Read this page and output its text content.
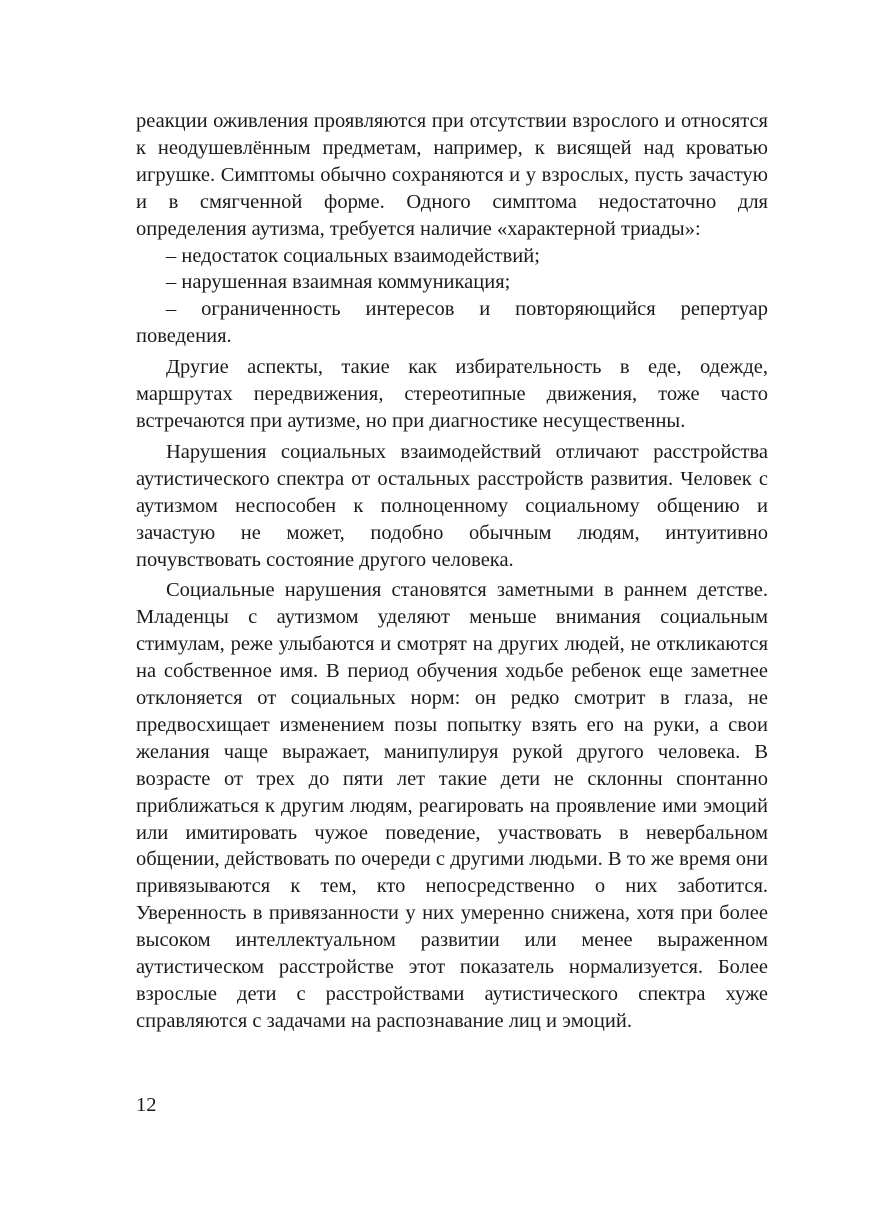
реакции оживления проявляются при отсутствии взрослого и относятся к неодушевлённым предметам, например, к висящей над кроватью игрушке. Симптомы обычно сохраняются и у взрослых, пусть зачастую и в смягченной форме. Одного симптома недостаточно для определения аутизма, требуется наличие «характерной триады»:

– недостаток социальных взаимодействий;

– нарушенная взаимная коммуникация;

– ограниченность интересов и повторяющийся репертуар поведения.

Другие аспекты, такие как избирательность в еде, одежде, маршрутах передвижения, стереотипные движения, тоже часто встречаются при аутизме, но при диагностике несущественны.

Нарушения социальных взаимодействий отличают расстройства аутистического спектра от остальных расстройств развития. Человек с аутизмом неспособен к полноценному социальному общению и зачастую не может, подобно обычным людям, интуитивно почувствовать состояние другого человека.

Социальные нарушения становятся заметными в раннем детстве. Младенцы с аутизмом уделяют меньше внимания социальным стимулам, реже улыбаются и смотрят на других людей, не откликаются на собственное имя. В период обучения ходьбе ребенок еще заметнее отклоняется от социальных норм: он редко смотрит в глаза, не предвосхищает изменением позы попытку взять его на руки, а свои желания чаще выражает, манипулируя рукой другого человека. В возрасте от трех до пяти лет такие дети не склонны спонтанно приближаться к другим людям, реагировать на проявление ими эмоций или имитировать чужое поведение, участвовать в невербальном общении, действовать по очереди с другими людьми. В то же время они привязываются к тем, кто непосредственно о них заботится. Уверенность в привязанности у них умеренно снижена, хотя при более высоком интеллектуальном развитии или менее выраженном аутистическом расстройстве этот показатель нормализуется. Более взрослые дети с расстройствами аутистического спектра хуже справляются с задачами на распознавание лиц и эмоций.

12
